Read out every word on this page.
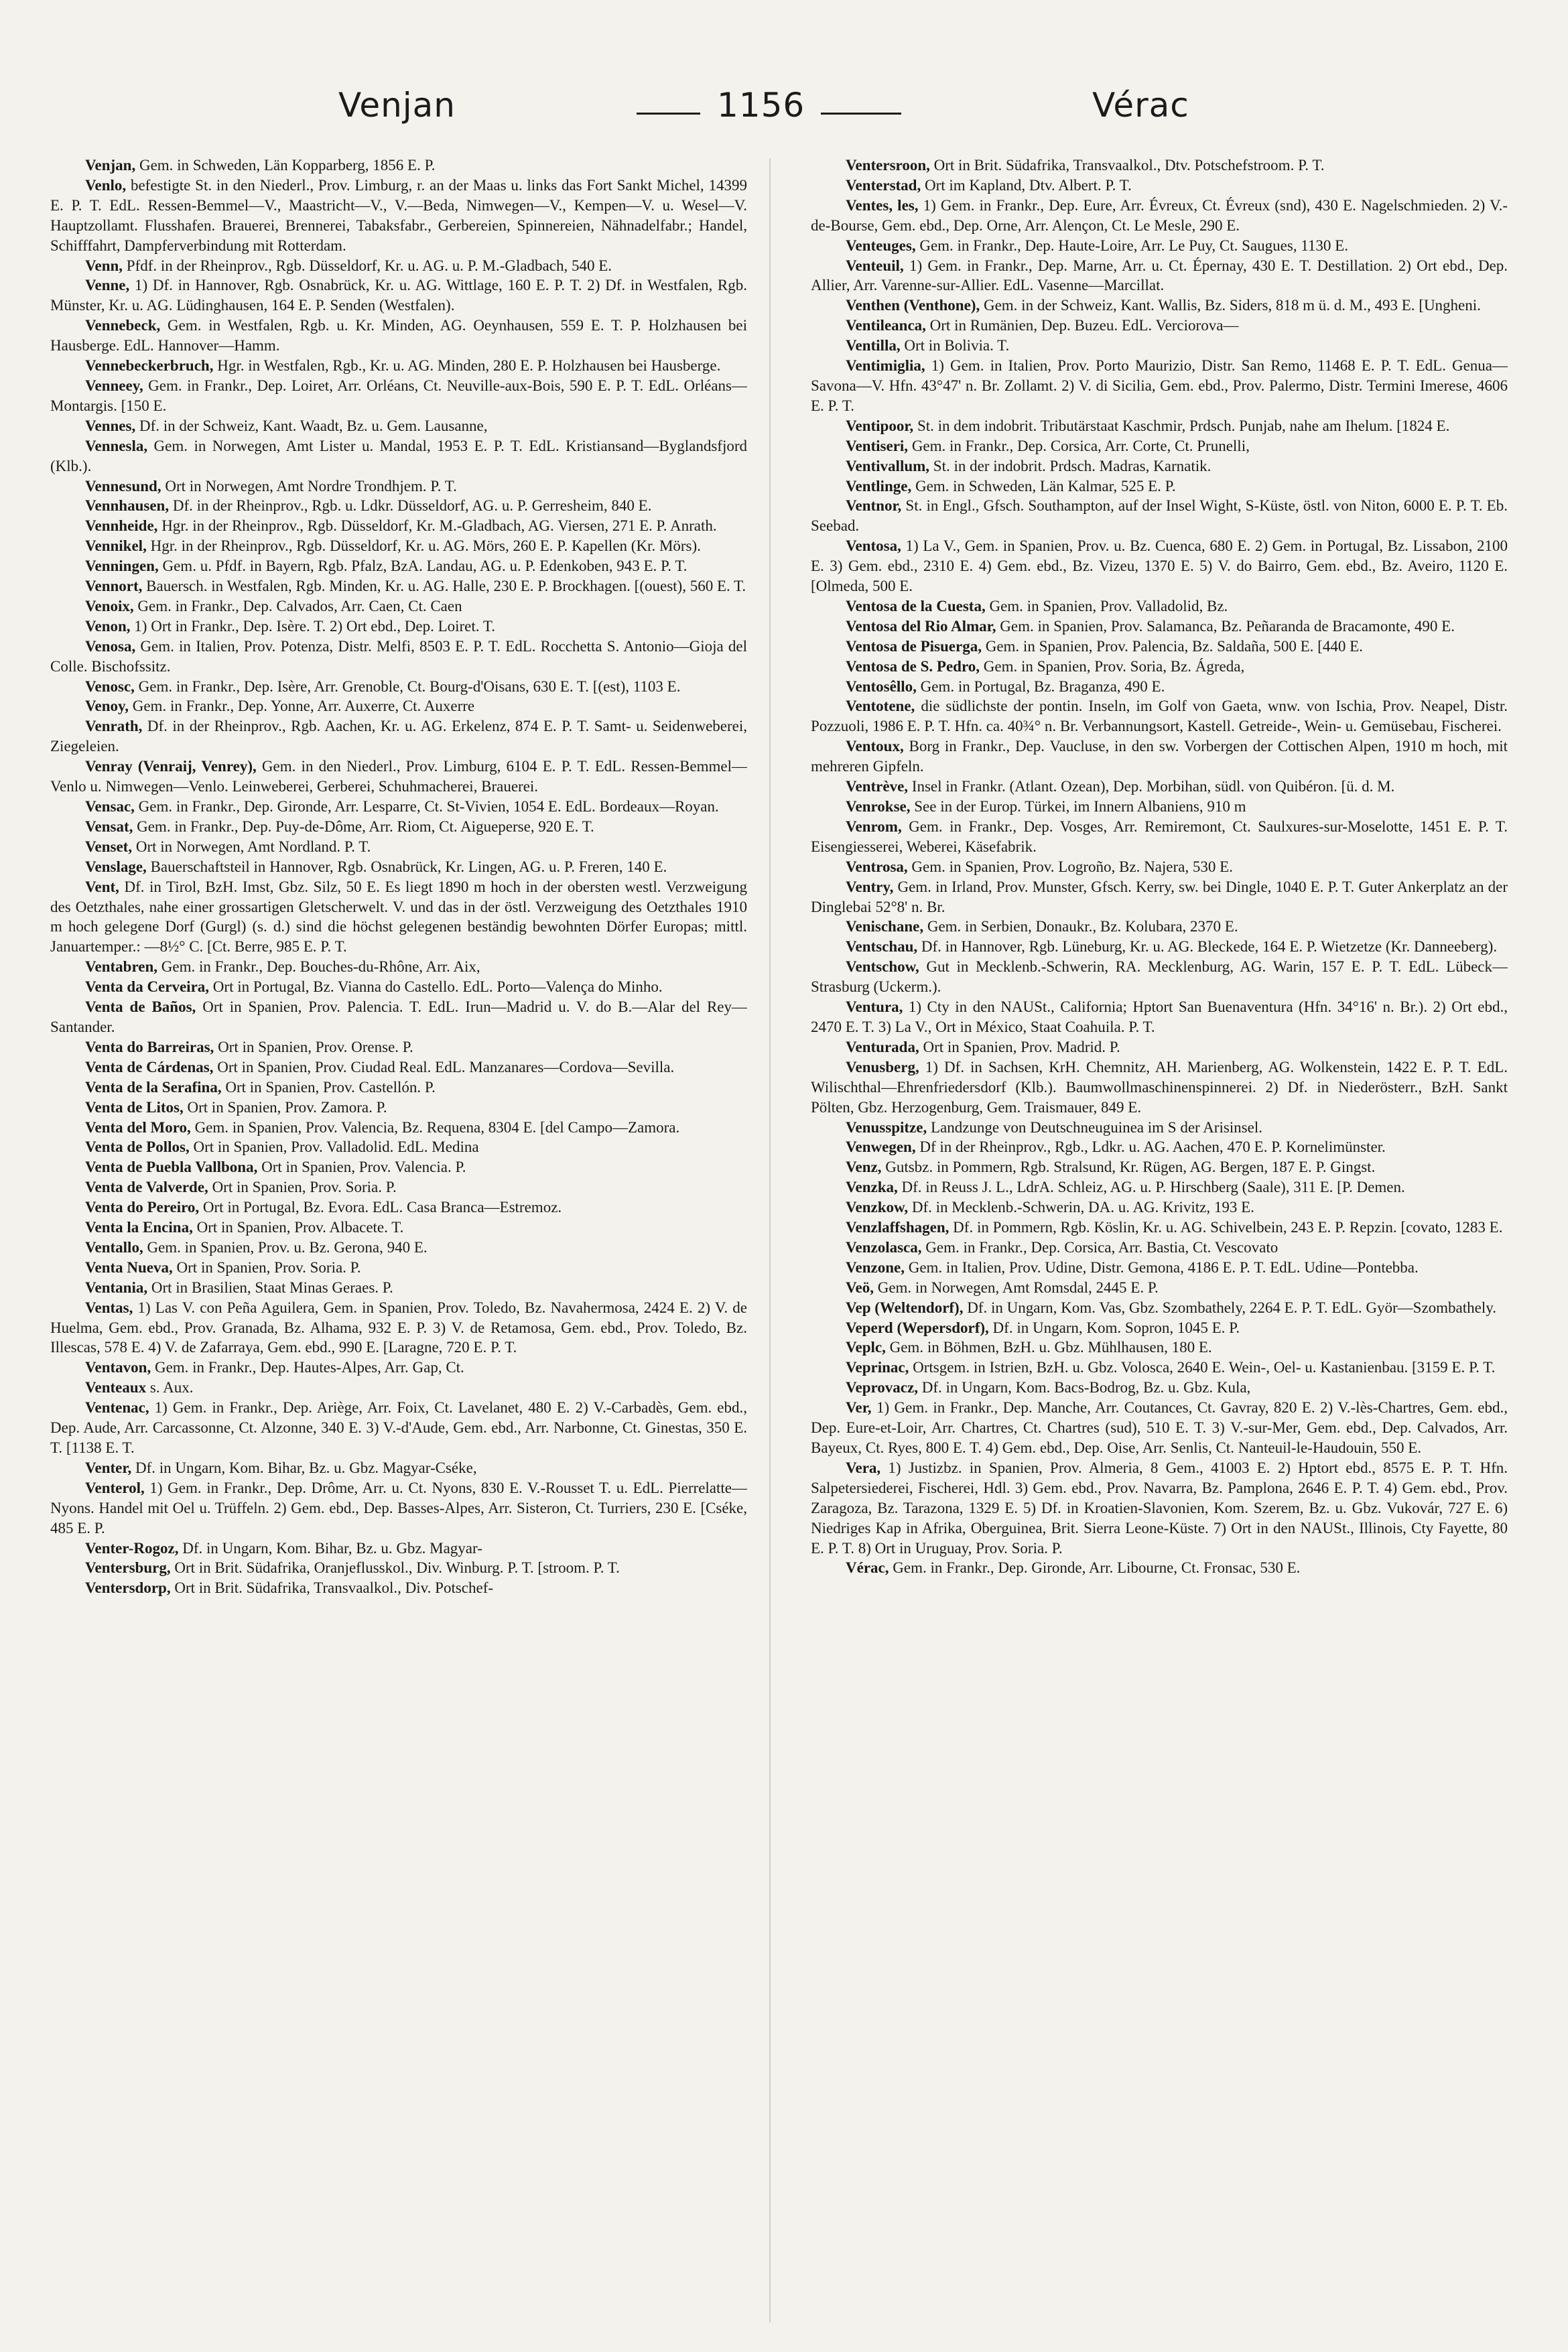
Venjan	1156	Vérac

Venjan, Gem. in Schweden, Län Kopparberg, 1856 E. P.

Venlo, befestigte St. in den Niederl., Prov. Limburg, r. an der Maas u. links das Fort Sankt Michel, 14399 E. P. T. EdL. Ressen-Bemmel—V., Maastricht—V., V.—Beda, Nimwegen—V., Kempen—V. u. Wesel—V. Hauptzollamt. Flusshafen. Brauerei, Brennerei, Tabaksfabr., Gerbereien, Spinnereien, Nähnadelfabr.; Handel, Schifffahrt, Dampferverbindung mit Rotterdam.

Venn, Pfdf. in der Rheinprov., Rgb. Düsseldorf, Kr. u. AG. u. P. M.-Gladbach, 540 E.

Venne, 1) Df. in Hannover, Rgb. Osnabrück, Kr. u. AG. Wittlage, 160 E. P. T. 2) Df. in Westfalen, Rgb. Münster, Kr. u. AG. Lüdinghausen, 164 E. P. Senden (Westfalen).

Vennebeck, Gem. in Westfalen, Rgb. u. Kr. Minden, AG. Oeynhausen, 559 E. T. P. Holzhausen bei Hausberge. EdL. Hannover—Hamm.

Vennebeckerbruch, Hgr. in Westfalen, Rgb., Kr. u. AG. Minden, 280 E. P. Holzhausen bei Hausberge.

Venneey, Gem. in Frankr., Dep. Loiret, Arr. Orléans, Ct. Neuville-aux-Bois, 590 E. P. T. EdL. Orléans—Montargis. [150 E.

Vennes, Df. in der Schweiz, Kant. Waadt, Bz. u. Gem. Lausanne,

Vennesla, Gem. in Norwegen, Amt Lister u. Mandal, 1953 E. P. T. EdL. Kristiansand—Byglandsfjord (Klb.).

Vennesund, Ort in Norwegen, Amt Nordre Trondhjem. P. T.

Vennhausen, Df. in der Rheinprov., Rgb. u. Ldkr. Düsseldorf, AG. u. P. Gerresheim, 840 E.

Vennheide, Hgr. in der Rheinprov., Rgb. Düsseldorf, Kr. M.-Gladbach, AG. Viersen, 271 E. P. Anrath.

Vennikel, Hgr. in der Rheinprov., Rgb. Düsseldorf, Kr. u. AG. Mörs, 260 E. P. Kapellen (Kr. Mörs).

Venningen, Gem. u. Pfdf. in Bayern, Rgb. Pfalz, BzA. Landau, AG. u. P. Edenkoben, 943 E. P. T.

Vennort, Bauersch. in Westfalen, Rgb. Minden, Kr. u. AG. Halle, 230 E. P. Brockhagen. [(ouest), 560 E. T.

Venoix, Gem. in Frankr., Dep. Calvados, Arr. Caen, Ct. Caen

Venon, 1) Ort in Frankr., Dep. Isère. T. 2) Ort ebd., Dep. Loiret. T.

Venosa, Gem. in Italien, Prov. Potenza, Distr. Melfi, 8503 E. P. T. EdL. Rocchetta S. Antonio—Gioja del Colle. Bischofssitz.

Venosc, Gem. in Frankr., Dep. Isère, Arr. Grenoble, Ct. Bourg-d'Oisans, 630 E. T. [(est), 1103 E.

Venoy, Gem. in Frankr., Dep. Yonne, Arr. Auxerre, Ct. Auxerre

Venrath, Df. in der Rheinprov., Rgb. Aachen, Kr. u. AG. Erkelenz, 874 E. P. T. Samt- u. Seidenweberei, Ziegeleien.

Venray (Venraij, Venrey), Gem. in den Niederl., Prov. Limburg, 6104 E. P. T. EdL. Ressen-Bemmel—Venlo u. Nimwegen—Venlo. Leinweberei, Gerberei, Schuhmacherei, Brauerei.

Vensac, Gem. in Frankr., Dep. Gironde, Arr. Lesparre, Ct. St-Vivien, 1054 E. EdL. Bordeaux—Royan.

Vensat, Gem. in Frankr., Dep. Puy-de-Dôme, Arr. Riom, Ct. Aigueperse, 920 E. T.

Venset, Ort in Norwegen, Amt Nordland. P. T.

Venslage, Bauerschaftsteil in Hannover, Rgb. Osnabrück, Kr. Lingen, AG. u. P. Freren, 140 E.

Vent, Df. in Tirol, BzH. Imst, Gbz. Silz, 50 E. Es liegt 1890 m hoch in der obersten westl. Verzweigung des Oetzthales, nahe einer grossartigen Gletscherwelt. V. und das in der östl. Verzweigung des Oetzthales 1910 m hoch gelegene Dorf (Gurgl) (s. d.) sind die höchst gelegenen beständig bewohnten Dörfer Europas; mittl. Januartemper.: —8½° C. [Ct. Berre, 985 E. P. T.

Ventabren, Gem. in Frankr., Dep. Bouches-du-Rhône, Arr. Aix,

Venta da Cerveira, Ort in Portugal, Bz. Vianna do Castello. EdL. Porto—Valença do Minho.

Venta de Baños, Ort in Spanien, Prov. Palencia. T. EdL. Irun—Madrid u. V. do B.—Alar del Rey—Santander.

Venta do Barreiras, Ort in Spanien, Prov. Orense. P.

Venta de Cárdenas, Ort in Spanien, Prov. Ciudad Real. EdL. Manzanares—Cordova—Sevilla.

Venta de la Serafina, Ort in Spanien, Prov. Castellón. P.

Venta de Litos, Ort in Spanien, Prov. Zamora. P.

Venta del Moro, Gem. in Spanien, Prov. Valencia, Bz. Requena, 8304 E. [del Campo—Zamora.

Venta de Pollos, Ort in Spanien, Prov. Valladolid. EdL. Medina

Venta de Puebla Vallbona, Ort in Spanien, Prov. Valencia. P.

Venta de Valverde, Ort in Spanien, Prov. Soria. P.

Venta do Pereiro, Ort in Portugal, Bz. Evora. EdL. Casa Branca—Estremoz.

Venta la Encina, Ort in Spanien, Prov. Albacete. T.

Ventallo, Gem. in Spanien, Prov. u. Bz. Gerona, 940 E.

Venta Nueva, Ort in Spanien, Prov. Soria. P.

Ventania, Ort in Brasilien, Staat Minas Geraes. P.

Ventas, 1) Las V. con Peña Aguilera, Gem. in Spanien, Prov. Toledo, Bz. Navahermosa, 2424 E. 2) V. de Huelma, Gem. ebd., Prov. Granada, Bz. Alhama, 932 E. P. 3) V. de Retamosa, Gem. ebd., Prov. Toledo, Bz. Illescas, 578 E. 4) V. de Zafarraya, Gem. ebd., 990 E. [Laragne, 720 E. P. T.

Ventavon, Gem. in Frankr., Dep. Hautes-Alpes, Arr. Gap, Ct.

Venteaux s. Aux.

Ventenac, 1) Gem. in Frankr., Dep. Ariège, Arr. Foix, Ct. Lavelanet, 480 E. 2) V.-Carbadès, Gem. ebd., Dep. Aude, Arr. Carcassonne, Ct. Alzonne, 340 E. 3) V.-d'Aude, Gem. ebd., Arr. Narbonne, Ct. Ginestas, 350 E. T. [1138 E. T.

Venter, Df. in Ungarn, Kom. Bihar, Bz. u. Gbz. Magyar-Cséke,

Venterol, 1) Gem. in Frankr., Dep. Drôme, Arr. u. Ct. Nyons, 830 E. V.-Rousset T. u. EdL. Pierrelatte—Nyons. Handel mit Oel u. Trüffeln. 2) Gem. ebd., Dep. Basses-Alpes, Arr. Sisteron, Ct. Turriers, 230 E. [Cséke, 485 E. P.

Venter-Rogoz, Df. in Ungarn, Kom. Bihar, Bz. u. Gbz. Magyar-

Ventersburg, Ort in Brit. Südafrika, Oranjeflusskol., Div. Winburg. P. T. [stroom. P. T.

Ventersdorp, Ort in Brit. Südafrika, Transvaalkol., Div. Potschef-

Ventersroon, Ort in Brit. Südafrika, Transvaalkol., Dtv. Potschefstroom. P. T.

Venterstad, Ort im Kapland, Dtv. Albert. P. T.

Ventes, les, 1) Gem. in Frankr., Dep. Eure, Arr. Évreux, Ct. Évreux (snd), 430 E. Nagelschmieden. 2) V.-de-Bourse, Gem. ebd., Dep. Orne, Arr. Alençon, Ct. Le Mesle, 290 E.

Venteuges, Gem. in Frankr., Dep. Haute-Loire, Arr. Le Puy, Ct. Saugues, 1130 E.

Venteuil, 1) Gem. in Frankr., Dep. Marne, Arr. u. Ct. Épernay, 430 E. T. Destillation. 2) Ort ebd., Dep. Allier, Arr. Varenne-sur-Allier. EdL. Vasenne—Marcillat.

Venthen (Venthone), Gem. in der Schweiz, Kant. Wallis, Bz. Siders, 818 m ü. d. M., 493 E. [Ungheni.

Ventileanca, Ort in Rumänien, Dep. Buzeu. EdL. Verciorova—

Ventilla, Ort in Bolivia. T.

Ventimiglia, 1) Gem. in Italien, Prov. Porto Maurizio, Distr. San Remo, 11468 E. P. T. EdL. Genua—Savona—V. Hfn. 43°47' n. Br. Zollamt. 2) V. di Sicilia, Gem. ebd., Prov. Palermo, Distr. Termini Imerese, 4606 E. P. T.

Ventipoor, St. in dem indobrit. Tributärstaat Kaschmir, Prdsch. Punjab, nahe am Ihelum. [1824 E.

Ventiseri, Gem. in Frankr., Dep. Corsica, Arr. Corte, Ct. Prunelli,

Ventivallum, St. in der indobrit. Prdsch. Madras, Karnatik.

Ventlinge, Gem. in Schweden, Län Kalmar, 525 E. P.

Ventnor, St. in Engl., Gfsch. Southampton, auf der Insel Wight, S-Küste, östl. von Niton, 6000 E. P. T. Eb. Seebad.

Ventosa, 1) La V., Gem. in Spanien, Prov. u. Bz. Cuenca, 680 E. 2) Gem. in Portugal, Bz. Lissabon, 2100 E. 3) Gem. ebd., 2310 E. 4) Gem. ebd., Bz. Vizeu, 1370 E. 5) V. do Bairro, Gem. ebd., Bz. Aveiro, 1120 E. [Olmeda, 500 E.

Ventosa de la Cuesta, Gem. in Spanien, Prov. Valladolid, Bz.

Ventosa del Rio Almar, Gem. in Spanien, Prov. Salamanca, Bz. Peñaranda de Bracamonte, 490 E.

Ventosa de Pisuerga, Gem. in Spanien, Prov. Palencia, Bz. Saldaña, 500 E. [440 E.

Ventosa de S. Pedro, Gem. in Spanien, Prov. Soria, Bz. Ágreda,

Ventosêllo, Gem. in Portugal, Bz. Braganza, 490 E.

Ventotene, die südlichste der pontin. Inseln, im Golf von Gaeta, wnw. von Ischia, Prov. Neapel, Distr. Pozzuoli, 1986 E. P. T. Hfn. ca. 40¾° n. Br. Verbannungsort, Kastell. Getreide-, Wein- u. Gemüsebau, Fischerei.

Ventoux, Borg in Frankr., Dep. Vaucluse, in den sw. Vorbergen der Cottischen Alpen, 1910 m hoch, mit mehreren Gipfeln.

Ventrève, Insel in Frankr. (Atlant. Ozean), Dep. Morbihan, südl. von Quibéron. [ü. d. M.

Venrokse, See in der Europ. Türkei, im Innern Albaniens, 910 m

Venrom, Gem. in Frankr., Dep. Vosges, Arr. Remiremont, Ct. Saulxures-sur-Moselotte, 1451 E. P. T. Eisengiesserei, Weberei, Käsefabrik.

Ventrosa, Gem. in Spanien, Prov. Logroño, Bz. Najera, 530 E.

Ventry, Gem. in Irland, Prov. Munster, Gfsch. Kerry, sw. bei Dingle, 1040 E. P. T. Guter Ankerplatz an der Dinglebai 52°8' n. Br.

Venischane, Gem. in Serbien, Donaukr., Bz. Kolubara, 2370 E.

Ventschau, Df. in Hannover, Rgb. Lüneburg, Kr. u. AG. Bleckede, 164 E. P. Wietzetze (Kr. Danneeberg).

Ventschow, Gut in Mecklenb.-Schwerin, RA. Mecklenburg, AG. Warin, 157 E. P. T. EdL. Lübeck—Strasburg (Uckerm.).

Ventura, 1) Cty in den NAUSt., California; Hptort San Buenaventura (Hfn. 34°16' n. Br.). 2) Ort ebd., 2470 E. T. 3) La V., Ort in México, Staat Coahuila. P. T.

Venturada, Ort in Spanien, Prov. Madrid. P.

Venusberg, 1) Df. in Sachsen, KrH. Chemnitz, AH. Marienberg, AG. Wolkenstein, 1422 E. P. T. EdL. Wilischthal—Ehrenfriedersdorf (Klb.). Baumwollmaschinenspinnerei. 2) Df. in Niederösterr., BzH. Sankt Pölten, Gbz. Herzogenburg, Gem. Traismauer, 849 E.

Venusspitze, Landzunge von Deutschneuguinea im S der Arisinsel.

Venwegen, Df in der Rheinprov., Rgb., Ldkr. u. AG. Aachen, 470 E. P. Kornelimünster.

Venz, Gutsbz. in Pommern, Rgb. Stralsund, Kr. Rügen, AG. Bergen, 187 E. P. Gingst.

Venzka, Df. in Reuss J. L., LdrA. Schleiz, AG. u. P. Hirschberg (Saale), 311 E. [P. Demen.

Venzkow, Df. in Mecklenb.-Schwerin, DA. u. AG. Krivitz, 193 E.

Venzlaffshagen, Df. in Pommern, Rgb. Köslin, Kr. u. AG. Schivelbein, 243 E. P. Repzin. [covato, 1283 E.

Venzolasca, Gem. in Frankr., Dep. Corsica, Arr. Bastia, Ct. Vescovato

Venzone, Gem. in Italien, Prov. Udine, Distr. Gemona, 4186 E. P. T. EdL. Udine—Pontebba.

Veö, Gem. in Norwegen, Amt Romsdal, 2445 E. P.

Vep (Weltendorf), Df. in Ungarn, Kom. Vas, Gbz. Szombathely, 2264 E. P. T. EdL. Györ—Szombathely.

Veperd (Wepersdorf), Df. in Ungarn, Kom. Sopron, 1045 E. P.

Veplc, Gem. in Böhmen, BzH. u. Gbz. Mühlhausen, 180 E.

Veprinac, Ortsgem. in Istrien, BzH. u. Gbz. Volosca, 2640 E. Wein-, Oel- u. Kastanienbau. [3159 E. P. T.

Veprovacz, Df. in Ungarn, Kom. Bacs-Bodrog, Bz. u. Gbz. Kula,

Ver, 1) Gem. in Frankr., Dep. Manche, Arr. Coutances, Ct. Gavray, 820 E. 2) V.-lès-Chartres, Gem. ebd., Dep. Eure-et-Loir, Arr. Chartres, Ct. Chartres (sud), 510 E. T. 3) V.-sur-Mer, Gem. ebd., Dep. Calvados, Arr. Bayeux, Ct. Ryes, 800 E. T. 4) Gem. ebd., Dep. Oise, Arr. Senlis, Ct. Nanteuil-le-Haudouin, 550 E.

Vera, 1) Justizbz. in Spanien, Prov. Almeria, 8 Gem., 41003 E. 2) Hptort ebd., 8575 E. P. T. Hfn. Salpetersiederei, Fischerei, Hdl. 3) Gem. ebd., Prov. Navarra, Bz. Pamplona, 2646 E. P. T. 4) Gem. ebd., Prov. Zaragoza, Bz. Tarazona, 1329 E. 5) Df. in Kroatien-Slavonien, Kom. Szerem, Bz. u. Gbz. Vukovár, 727 E. 6) Niedriges Kap in Afrika, Oberguinea, Brit. Sierra Leone-Küste. 7) Ort in den NAUSt., Illinois, Cty Fayette, 80 E. P. T. 8) Ort in Uruguay, Prov. Soria. P.

Vérac, Gem. in Frankr., Dep. Gironde, Arr. Libourne, Ct. Fronsac, 530 E.
